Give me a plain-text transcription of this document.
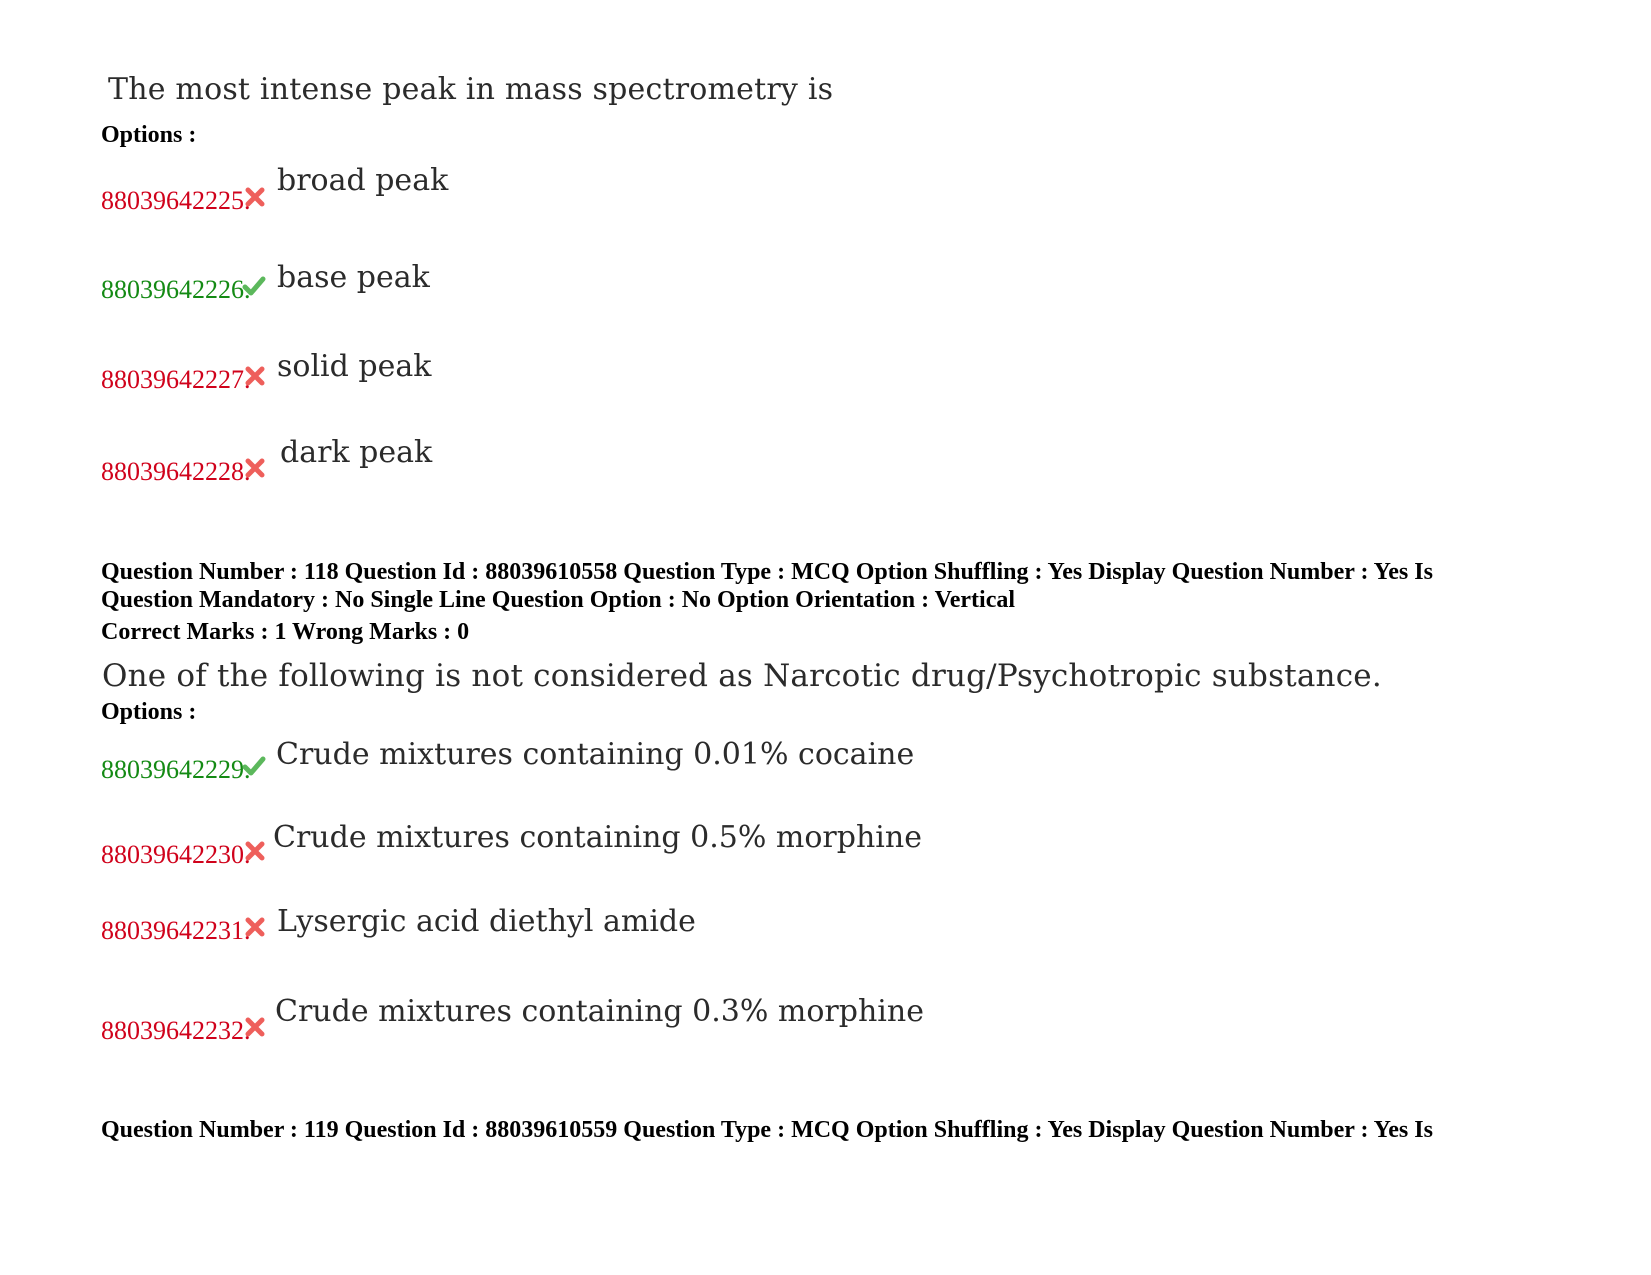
The most intense peak in mass spectrometry is
Options :
88039642225.
broad peak
88039642226. base peak
88039642227. solid peak
88039642228.
dark peak
Question Number : 118 Question Id : 88039610558 Question Type : MCQ Option Shuffling : Yes Display Question Number : Yes Is
Question Mandatory : No Single Line Question Option : No Option Orientation : Vertical
Correct Marks : 1 Wrong Marks : 0
One of the following is not considered as Narcotic drug/Psychotropic substance.
Options :
88039642229. Crude mixtures containing 0.01% cocaine
88039642230. Crude mixtures containing 0.5% morphine
88039642231. Lysergic acid diethyl amide
88039642232.
Crude mixtures containing 0.3% morphine
Question Number : 119 Question Id : 88039610559 Question Type : MCQ Option Shuffling : Yes Display Question Number : Yes Is
